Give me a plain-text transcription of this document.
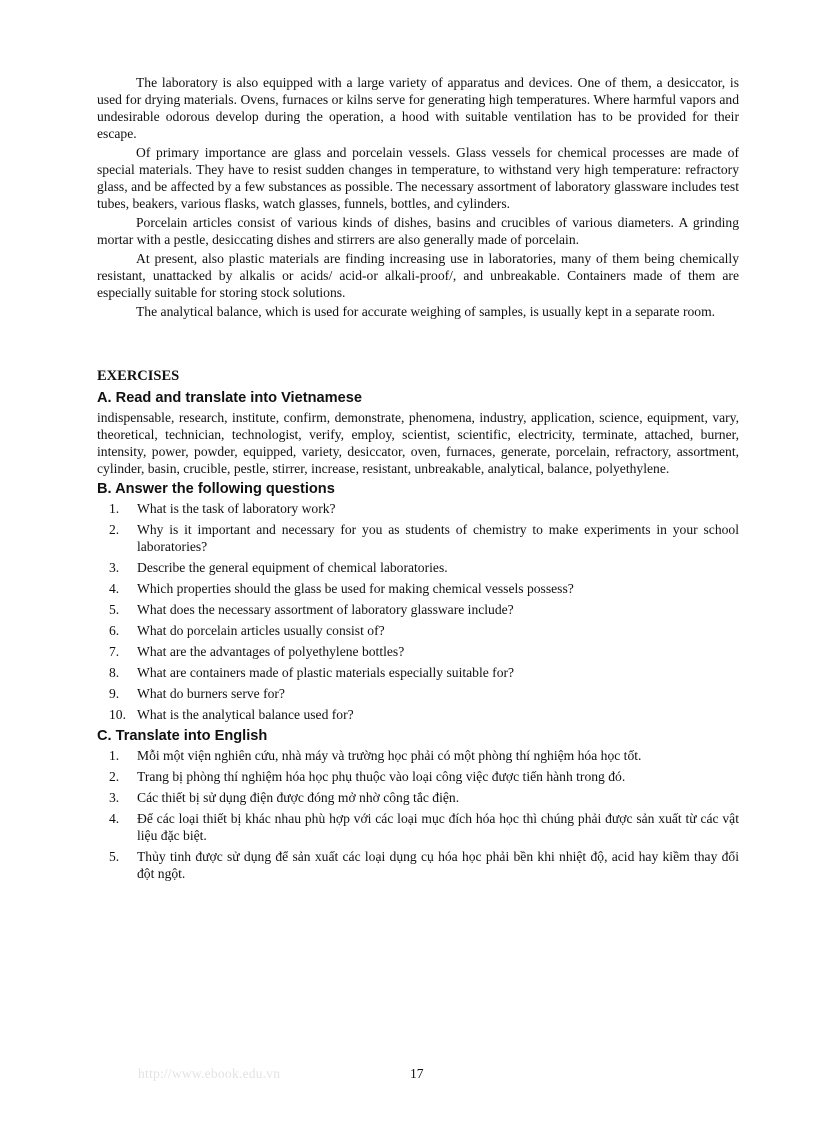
The laboratory is also equipped with a large variety of apparatus and devices. One of them, a desiccator, is used for drying materials. Ovens, furnaces or kilns serve for generating high temperatures. Where harmful vapors and undesirable odorous develop during the operation, a hood with suitable ventilation has to be provided for their escape.

Of primary importance are glass and porcelain vessels. Glass vessels for chemical processes are made of special materials. They have to resist sudden changes in temperature, to withstand very high temperature: refractory glass, and be affected by a few substances as possible. The necessary assortment of laboratory glassware includes test tubes, beakers, various flasks, watch glasses, funnels, bottles, and cylinders.

Porcelain articles consist of various kinds of dishes, basins and crucibles of various diameters. A grinding mortar with a pestle, desiccating dishes and stirrers are also generally made of porcelain.

At present, also plastic materials are finding increasing use in laboratories, many of them being chemically resistant, unattacked by alkalis or acids/ acid-or alkali-proof/, and unbreakable. Containers made of them are especially suitable for storing stock solutions.

The analytical balance, which is used for accurate weighing of samples, is usually kept in a separate room.

EXERCISES
A. Read and translate into Vietnamese

indispensable, research, institute, confirm, demonstrate, phenomena, industry, application, science, equipment, vary, theoretical, technician, technologist, verify, employ, scientist, scientific, electricity, terminate, attached, burner, intensity, power, powder, equipped, variety, desiccator, oven, furnaces, generate, porcelain, refractory, assortment, cylinder, basin, crucible, pestle, stirrer, increase, resistant, unbreakable, analytical, balance, polyethylene.

B. Answer the following questions
1.	What is the task of laboratory work?
2.	Why is it important and necessary for you as students of chemistry to make experiments in your school laboratories?
3.	Describe the general equipment of chemical laboratories.
4.	Which properties should the glass be used for making chemical vessels possess?
5.	What does the necessary assortment of laboratory glassware include?
6.	What do porcelain articles usually consist of?
7.	What are the advantages of polyethylene bottles?
8.	What are containers made of plastic materials especially suitable for?
9.	What do burners serve for?
10. What is the analytical balance used for?
C. Translate into English
1.	Mỗi một viện nghiên cứu, nhà máy và trường học phải có một phòng thí nghiệm hóa học tốt.
2.	Trang bị phòng thí nghiệm hóa học phụ thuộc vào loại công việc được tiến hành trong đó.
3.	Các thiết bị sử dụng điện được đóng mở nhờ công tắc điện.
4.	Để các loại thiết bị khác nhau phù hợp với các loại mục đích hóa học thì chúng phải được sản xuất từ các vật liệu đặc biệt.
5.	Thủy tinh được sử dụng để sản xuất các loại dụng cụ hóa học phải bền khi nhiệt độ, acid hay kiềm thay đổi đột ngột.
http://www.ebook.edu.vn	17
